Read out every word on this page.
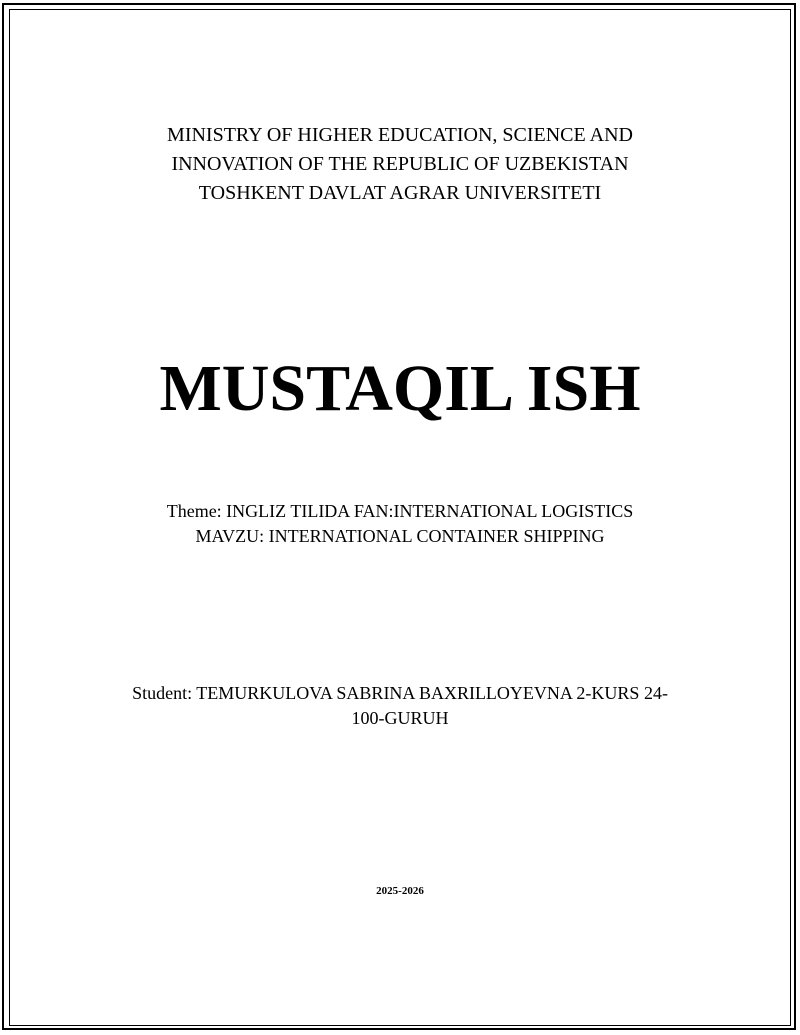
MINISTRY OF HIGHER EDUCATION, SCIENCE AND
INNOVATION OF THE REPUBLIC OF UZBEKISTAN
TOSHKENT DAVLAT AGRAR UNIVERSITETI
MUSTAQIL ISH
Theme: INGLIZ TILIDA FAN:INTERNATIONAL LOGISTICS
MAVZU: INTERNATIONAL CONTAINER SHIPPING
Student: TEMURKULOVA SABRINA BAXRILLOYEVNA 2-KURS 24-
100-GURUH
2025-2026
